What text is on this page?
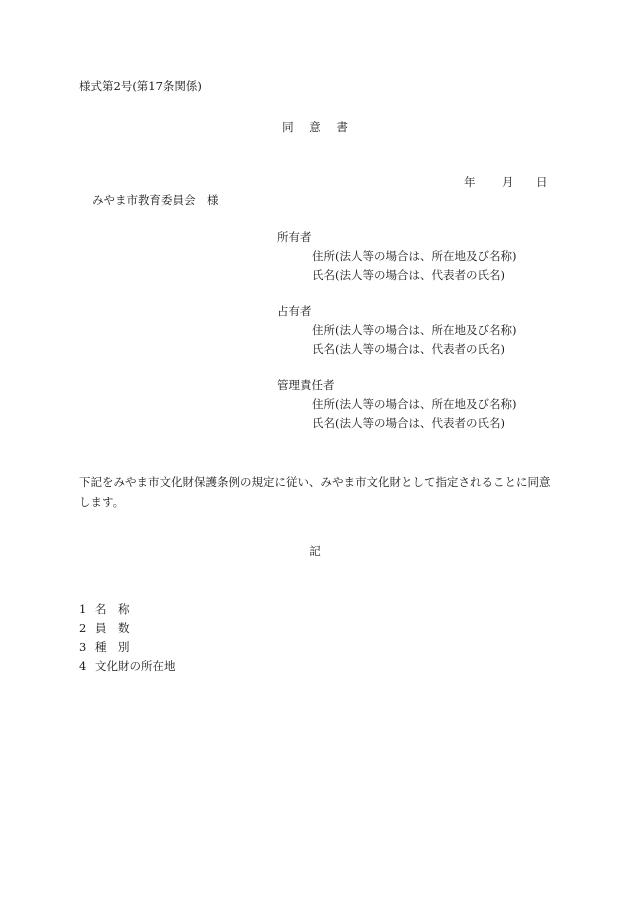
様式第2号(第17条関係)
同 意 書
年 月 日
みやま市教育委員会　様
所有者
住所(法人等の場合は、所在地及び名称)
氏名(法人等の場合は、代表者の氏名)
占有者
住所(法人等の場合は、所在地及び名称)
氏名(法人等の場合は、代表者の氏名)
管理責任者
住所(法人等の場合は、所在地及び名称)
氏名(法人等の場合は、代表者の氏名)
下記をみやま市文化財保護条例の規定に従い、みやま市文化財として指定されることに同意します。
記
1 名　称
2 員　数
3 種　別
4 文化財の所在地
